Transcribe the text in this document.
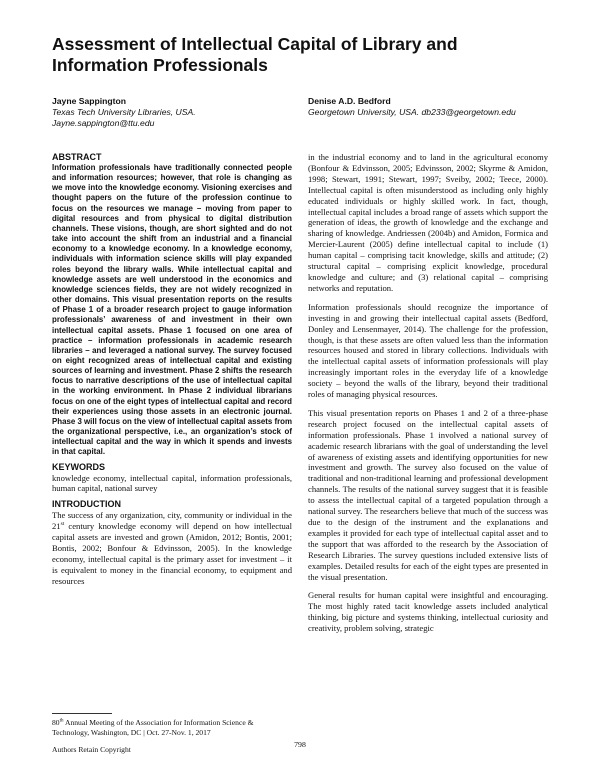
Assessment of Intellectual Capital of Library and Information Professionals
Jayne Sappington
Texas Tech University Libraries, USA.
Jayne.sappington@ttu.edu
Denise A.D. Bedford
Georgetown University, USA. db233@georgetown.edu
ABSTRACT

Information professionals have traditionally connected people and information resources; however, that role is changing as we move into the knowledge economy. Visioning exercises and thought papers on the future of the profession continue to focus on the resources we manage – moving from paper to digital resources and from physical to digital distribution channels. These visions, though, are short sighted and do not take into account the shift from an industrial and a financial economy to a knowledge economy. In a knowledge economy, individuals with information science skills will play expanded roles beyond the library walls. While intellectual capital and knowledge assets are well understood in the economics and knowledge sciences fields, they are not widely recognized in other domains. This visual presentation reports on the results of Phase 1 of a broader research project to gauge information professionals’ awareness of and investment in their own intellectual capital assets. Phase 1 focused on one area of practice – information professionals in academic research libraries – and leveraged a national survey. The survey focused on eight recognized areas of intellectual capital and existing sources of learning and investment. Phase 2 shifts the research focus to narrative descriptions of the use of intellectual capital in the working environment. In Phase 2 individual librarians focus on one of the eight types of intellectual capital and record their experiences using those assets in an electronic journal. Phase 3 will focus on the view of intellectual capital assets from the organizational perspective, i.e., an organization’s stock of intellectual capital and the way in which it spends and invests in that capital.

KEYWORDS

knowledge economy, intellectual capital, information professionals, human capital, national survey

INTRODUCTION

The success of any organization, city, community or individual in the 21st century knowledge economy will depend on how intellectual capital assets are invested and grown (Amidon, 2012; Bontis, 2001; Bontis, 2002; Bonfour & Edvinsson, 2005). In the knowledge economy, intellectual capital is the primary asset for investment – it is equivalent to money in the financial economy, to equipment and resources

80th Annual Meeting of the Association for Information Science & Technology, Washington, DC | Oct. 27-Nov. 1, 2017

Authors Retain Copyright

in the industrial economy and to land in the agricultural economy (Bonfour & Edvinsson, 2005; Edvinsson, 2002; Skyrme & Amidon, 1998; Stewart, 1991; Stewart, 1997; Sveiby, 2002; Teece, 2000). Intellectual capital is often misunderstood as including only highly educated individuals or highly skilled work. In fact, though, intellectual capital includes a broad range of assets which support the generation of ideas, the growth of knowledge and the exchange and sharing of knowledge. Andriessen (2004b) and Amidon, Formica and Mercier-Laurent (2005) define intellectual capital to include (1) human capital – comprising tacit knowledge, skills and attitude; (2) structural capital – comprising explicit knowledge, procedural knowledge and culture; and (3) relational capital – comprising networks and reputation.

Information professionals should recognize the importance of investing in and growing their intellectual capital assets (Bedford, Donley and Lensenmayer, 2014). The challenge for the profession, though, is that these assets are often valued less than the information resources housed and stored in library collections. Individuals with the intellectual capital assets of information professionals will play increasingly important roles in the everyday life of a knowledge society – beyond the walls of the library, beyond their traditional roles of managing physical resources.

This visual presentation reports on Phases 1 and 2 of a three-phase research project focused on the intellectual capital assets of information professionals. Phase 1 involved a national survey of academic research librarians with the goal of understanding the level of awareness of existing assets and identifying opportunities for new investment and growth. The survey also focused on the value of traditional and non-traditional learning and professional development channels. The results of the national survey suggest that it is feasible to assess the intellectual capital of a targeted population through a national survey. The researchers believe that much of the success was due to the design of the instrument and the explanations and examples it provided for each type of intellectual capital asset and to the support that was afforded to the research by the Association of Research Libraries. The survey questions included extensive lists of examples. Detailed results for each of the eight types are presented in the visual presentation.

General results for human capital were insightful and encouraging. The most highly rated tacit knowledge assets included analytical thinking, big picture and systems thinking, intellectual curiosity and creativity, problem solving, strategic

798
